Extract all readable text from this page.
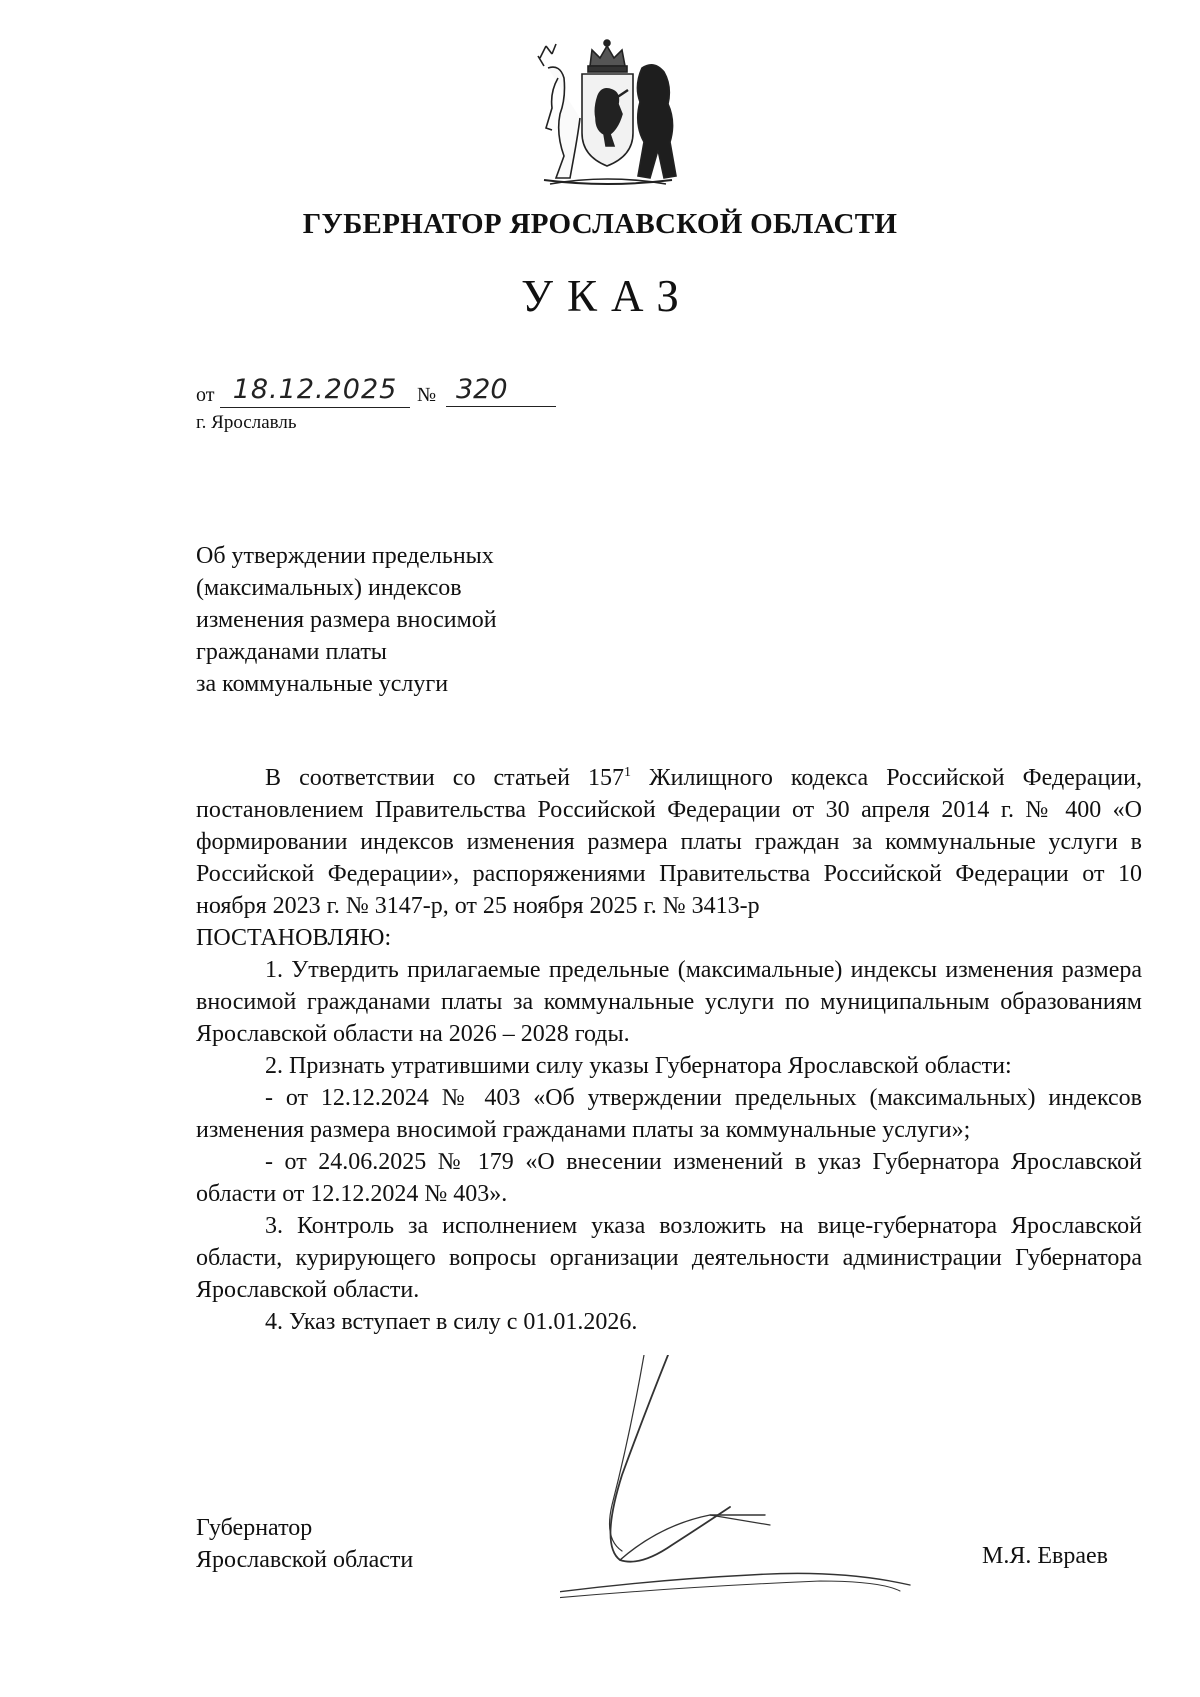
ГУБЕРНАТОР ЯРОСЛАВСКОЙ ОБЛАСТИ
УКАЗ
от 18.12.2025 № 320
г. Ярославль
Об утверждении предельных
(максимальных) индексов
изменения размера вносимой
гражданами платы
за коммунальные услуги

В соответствии со статьей $157^1$ Жилищного кодекса Российской Федерации, постановлением Правительства Российской Федерации от 30 апреля 2014 г. № 400 «О формировании индексов изменения размера платы граждан за коммунальные услуги в Российской Федерации», распоряжениями Правительства Российской Федерации от 10 ноября 2023 г. № 3147-р, от 25 ноября 2025 г. № 3413-р

ПОСТАНОВЛЯЮ:

1. Утвердить прилагаемые предельные (максимальные) индексы изменения размера вносимой гражданами платы за коммунальные услуги по муниципальным образованиям Ярославской области на 2026 – 2028 годы.

2. Признать утратившими силу указы Губернатора Ярославской области:

- от 12.12.2024 № 403 «Об утверждении предельных (максимальных) индексов изменения размера вносимой гражданами платы за коммунальные услуги»;

- от 24.06.2025 № 179 «О внесении изменений в указ Губернатора Ярославской области от 12.12.2024 № 403».

3. Контроль за исполнением указа возложить на вице-губернатора Ярославской области, курирующего вопросы организации деятельности администрации Губернатора Ярославской области.

4. Указ вступает в силу с 01.01.2026.

Губернатор
Ярославской области	М.Я. Евраев
